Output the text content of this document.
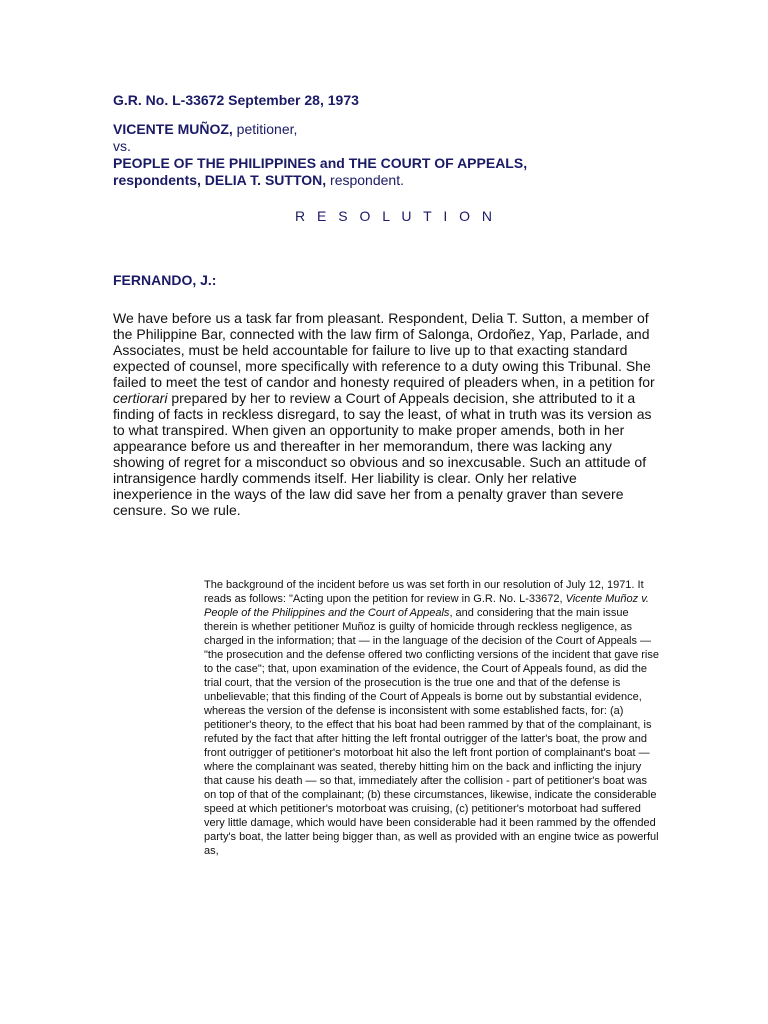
G.R. No. L-33672 September 28, 1973
VICENTE MUÑOZ, petitioner,
vs.
PEOPLE OF THE PHILIPPINES and THE COURT OF APPEALS,
respondents, DELIA T. SUTTON, respondent.
R E S O L U T I O N
FERNANDO, J.:

We have before us a task far from pleasant. Respondent, Delia T. Sutton, a member of the Philippine Bar, connected with the law firm of Salonga, Ordoñez, Yap, Parlade, and Associates, must be held accountable for failure to live up to that exacting standard expected of counsel, more specifically with reference to a duty owing this Tribunal. She failed to meet the test of candor and honesty required of pleaders when, in a petition for certiorari prepared by her to review a Court of Appeals decision, she attributed to it a finding of facts in reckless disregard, to say the least, of what in truth was its version as to what transpired. When given an opportunity to make proper amends, both in her appearance before us and thereafter in her memorandum, there was lacking any showing of regret for a misconduct so obvious and so inexcusable. Such an attitude of intransigence hardly commends itself. Her liability is clear. Only her relative inexperience in the ways of the law did save her from a penalty graver than severe censure. So we rule.

The background of the incident before us was set forth in our resolution of July 12, 1971. It reads as follows: "Acting upon the petition for review in G.R. No. L-33672, Vicente Muñoz v. People of the Philippines and the Court of Appeals, and considering that the main issue therein is whether petitioner Muñoz is guilty of homicide through reckless negligence, as charged in the information; that — in the language of the decision of the Court of Appeals — "the prosecution and the defense offered two conflicting versions of the incident that gave rise to the case"; that, upon examination of the evidence, the Court of Appeals found, as did the trial court, that the version of the prosecution is the true one and that of the defense is unbelievable; that this finding of the Court of Appeals is borne out by substantial evidence, whereas the version of the defense is inconsistent with some established facts, for: (a) petitioner's theory, to the effect that his boat had been rammed by that of the complainant, is refuted by the fact that after hitting the left frontal outrigger of the latter's boat, the prow and front outrigger of petitioner's motorboat hit also the left front portion of complainant's boat — where the complainant was seated, thereby hitting him on the back and inflicting the injury that cause his death — so that, immediately after the collision - part of petitioner's boat was on top of that of the complainant; (b) these circumstances, likewise, indicate the considerable speed at which petitioner's motorboat was cruising, (c) petitioner's motorboat had suffered very little damage, which would have been considerable had it been rammed by the offended party's boat, the latter being bigger than, as well as provided with an engine twice as powerful as,
